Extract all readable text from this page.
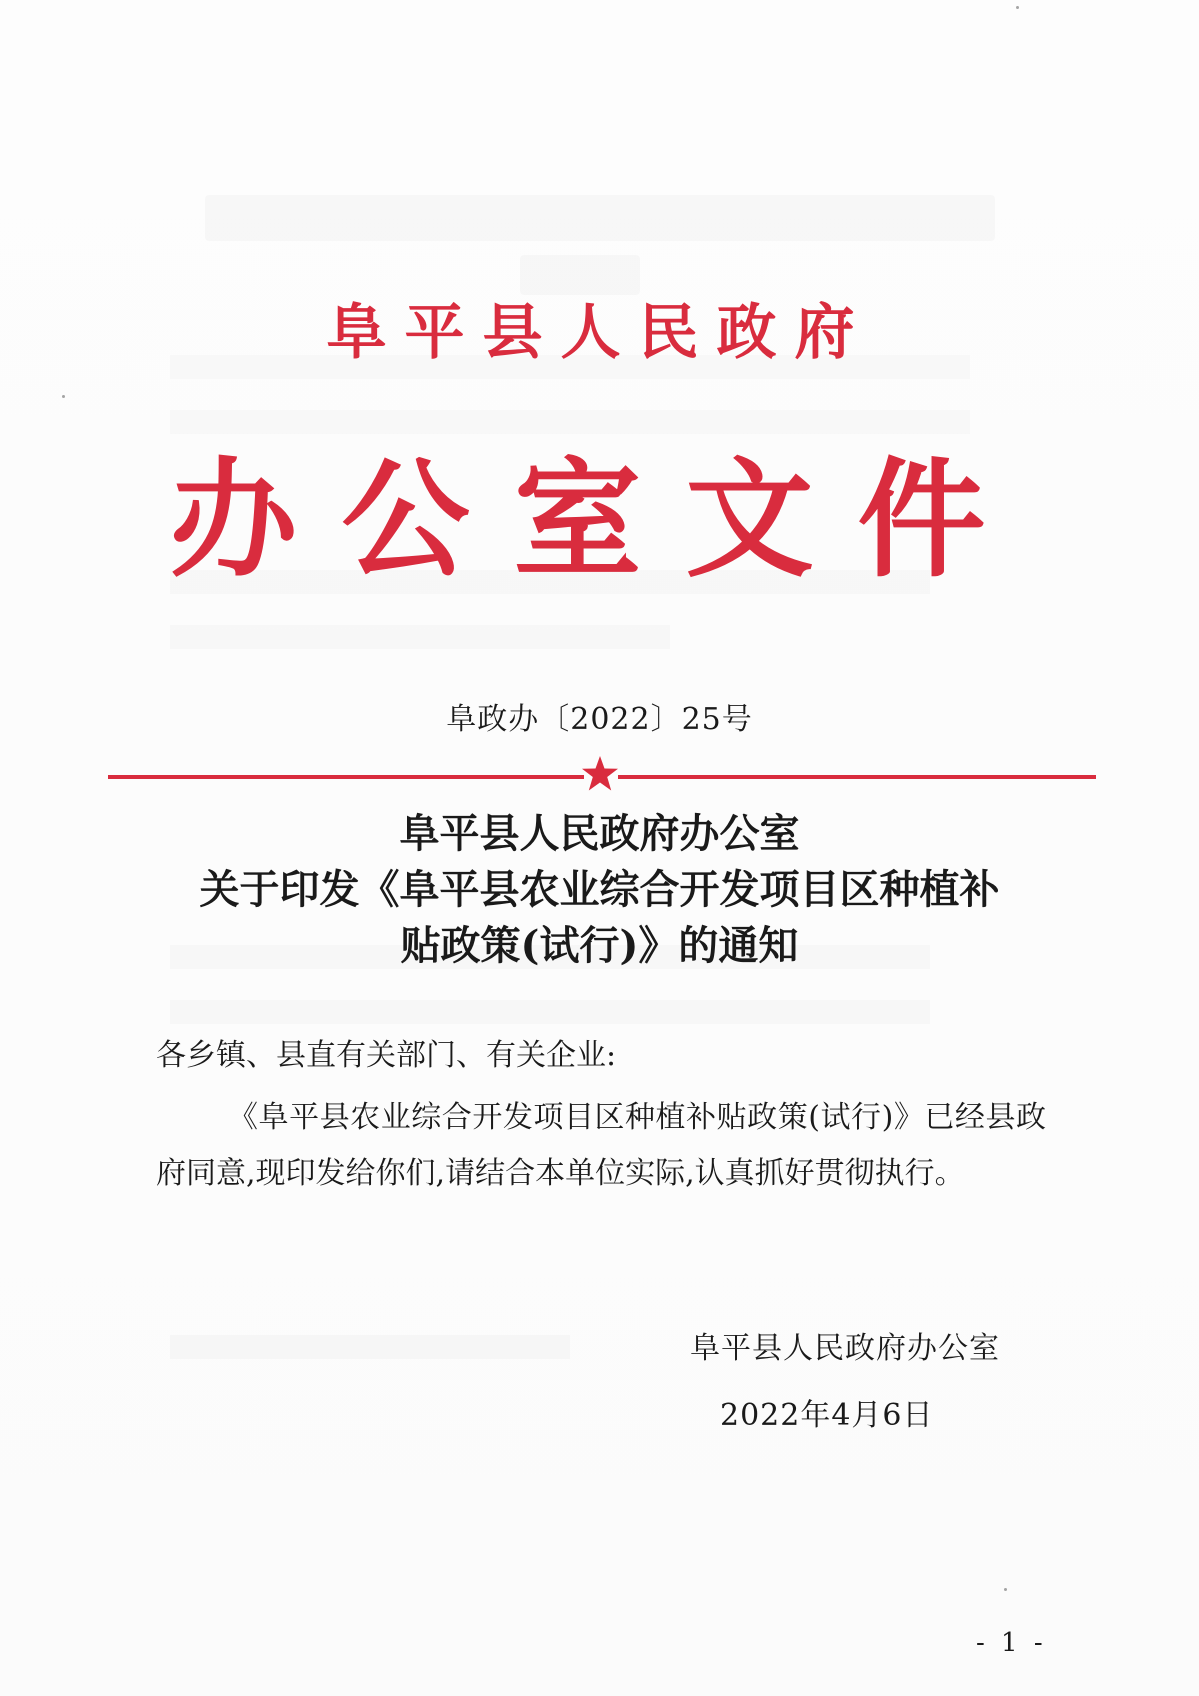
阜平县人民政府
办公室文件
阜政办〔2022〕25号
阜平县人民政府办公室
关于印发《阜平县农业综合开发项目区种植补
贴政策(试行)》的通知
各乡镇、县直有关部门、有关企业:
《阜平县农业综合开发项目区种植补贴政策(试行)》已经县政府同意,现印发给你们,请结合本单位实际,认真抓好贯彻执行。
阜平县人民政府办公室
2022年4月6日
- 1 -
